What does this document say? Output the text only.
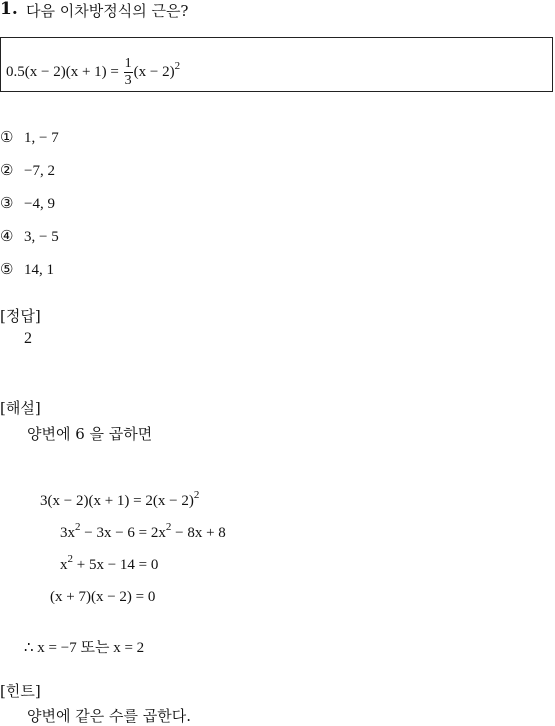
1. 다음 이차방정식의 근은?
$0.5(x - 2)(x + 1) = \frac{1}{3} (x - 2)^2$
① 1, − 7
② −7, 2
③ −4, 9
④ 3, − 5
⑤ 14, 1
[정답]
2
[해설]
양변에 6 을 곱하면
$3(x - 2)(x + 1) = 2(x - 2)^2$
$3x^2 - 3x - 6 = 2x^2 - 8x + 8$
$x^2 + 5x - 14 = 0$
(x + 7)(x − 2) = 0
∴ x = −7 또는 x = 2
[힌트]
양변에 같은 수를 곱한다.
